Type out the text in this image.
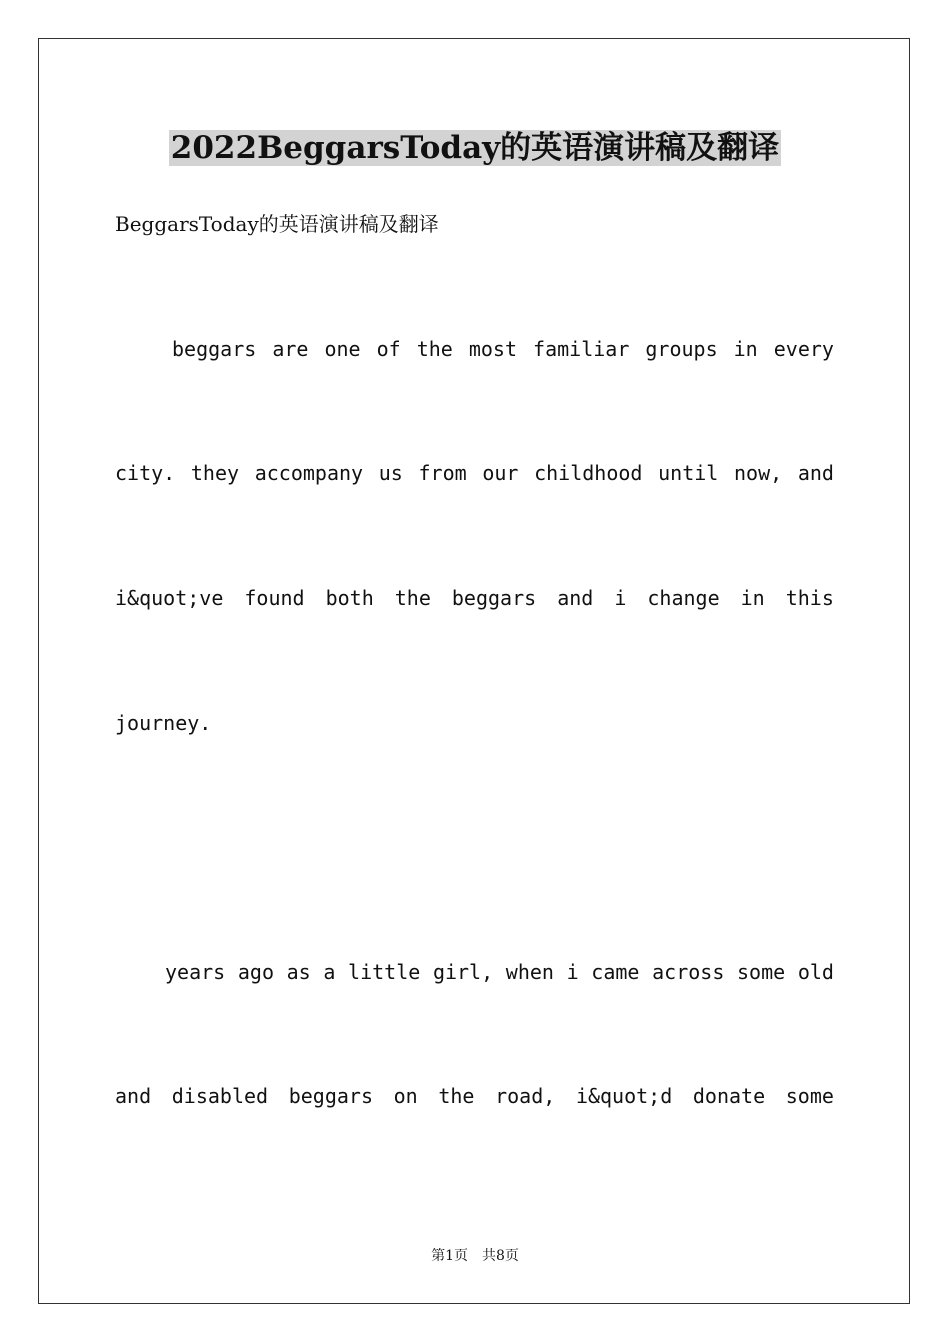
2022BeggarsToday的英语演讲稿及翻译
BeggarsToday的英语演讲稿及翻译
beggars are one of the most familiar groups in every
city. they accompany us from our childhood until now, and
i&quot;ve found both the beggars and i change in this
journey.
years ago as a little girl, when i came across some old
and disabled beggars on the road, i&quot;d donate some
第1页　共8页
